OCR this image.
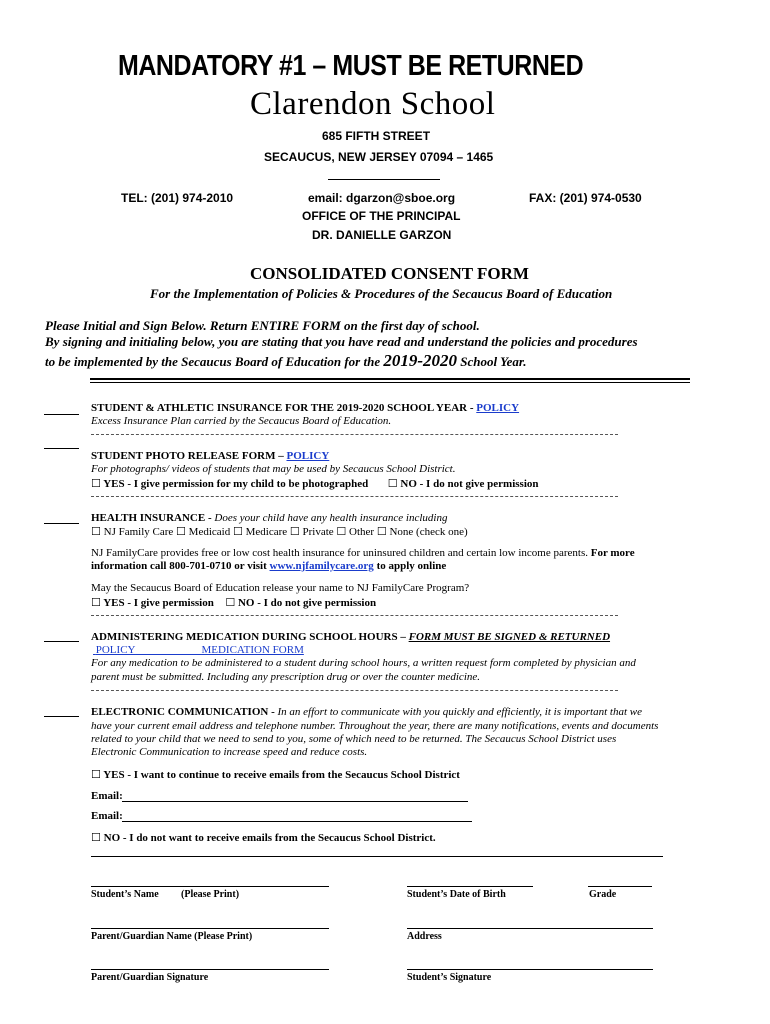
MANDATORY #1 – MUST BE RETURNED
Clarendon School
685 FIFTH STREET
SECAUCUS, NEW JERSEY 07094 – 1465
TEL: (201) 974-2010	email: dgarzon@sboe.org	FAX: (201) 974-0530
OFFICE OF THE PRINCIPAL
DR. DANIELLE GARZON
CONSOLIDATED CONSENT FORM
For the Implementation of Policies & Procedures of the Secaucus Board of Education
Please Initial and Sign Below. Return ENTIRE FORM on the first day of school.
By signing and initialing below, you are stating that you have read and understand the policies and procedures
to be implemented by the Secaucus Board of Education for the 2019-2020 School Year.
STUDENT & ATHLETIC INSURANCE FOR THE 2019-2020 SCHOOL YEAR - POLICY
Excess Insurance Plan carried by the Secaucus Board of Education.
STUDENT PHOTO RELEASE FORM – POLICY
For photographs/ videos of students that may be used by Secaucus School District.
☐ YES - I give permission for my child to be photographed ☐ NO - I do not give permission
HEALTH INSURANCE - Does your child have any health insurance including
☐ NJ Family Care ☐ Medicaid ☐ Medicare ☐ Private ☐ Other ☐ None (check one)
NJ FamilyCare provides free or low cost health insurance for uninsured children and certain low income parents. For more
information call 800-701-0710 or visit www.njfamilycare.org to apply online
May the Secaucus Board of Education release your name to NJ FamilyCare Program?
☐ YES - I give permission ☐ NO - I do not give permission
ADMINISTERING MEDICATION DURING SCHOOL HOURS – FORM MUST BE SIGNED & RETURNED
POLICY	MEDICATION FORM
For any medication to be administered to a student during school hours, a written request form completed by physician and
parent must be submitted. Including any prescription drug or over the counter medicine.
ELECTRONIC COMMUNICATION - In an effort to communicate with you quickly and efficiently, it is important that we
have your current email address and telephone number. Throughout the year, there are many notifications, events and documents
related to your child that we need to send to you, some of which need to be returned. The Secaucus School District uses
Electronic Communication to increase speed and reduce costs.
☐ YES - I want to continue to receive emails from the Secaucus School District
Email:
Email:
☐ NO - I do not want to receive emails from the Secaucus School District.
Student’s Name (Please Print)	Student’s Date of Birth	Grade
Parent/Guardian Name (Please Print)	Address
Parent/Guardian Signature	Student’s Signature
